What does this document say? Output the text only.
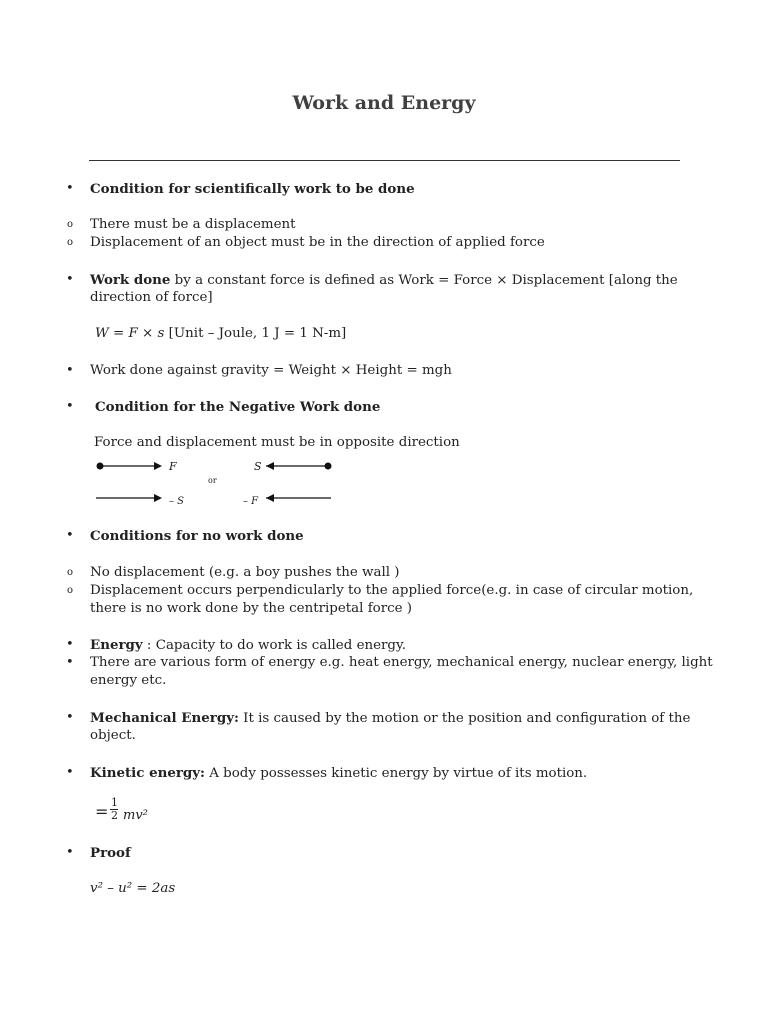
Work and Energy
• Condition for scientifically work to be done
o There must be a displacement
o Displacement of an object must be in the direction of applied force
• Work done by a constant force is defined as Work = Force × Displacement [along the
direction of force]
W = F × s [Unit – Joule, 1 J = 1 N-m]
• Work done against gravity = Weight × Height = mgh
• Condition for the Negative Work done
Force and displacement must be in opposite direction
F	S
or
– S	– F
• Conditions for no work done
o No displacement (e.g. a boy pushes the wall )
o Displacement occurs perpendicularly to the applied force(e.g. in case of circular motion,
there is no work done by the centripetal force )
• Energy : Capacity to do work is called energy.
• There are various form of energy e.g. heat energy, mechanical energy, nuclear energy, light
energy etc.
• Mechanical Energy: It is caused by the motion or the position and configuration of the
object.
• Kinetic energy: A body possesses kinetic energy by virtue of its motion.
= 1
2 mv²
• Proof
v² – u² = 2as
